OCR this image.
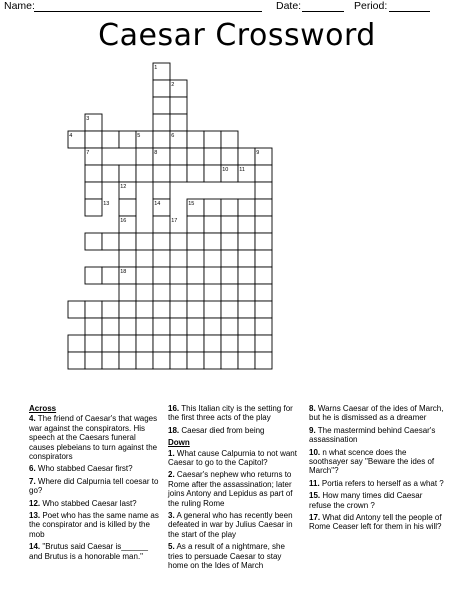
Name:	Date:	Period:
Caesar Crossword
1
2
3
4	5	6
7	8	9
10 11
12
13	14	15
16	17
18
Across
4. The friend of Caesar's that wages war against the conspirators. His speech at the Caesars funeral causes plebeians to turn against the conspirators
6. Who stabbed Caesar first?
7. Where did Calpurnia tell coesar to go?
12. Who stabbed Caesar last?
13. Poet who has the same name as the conspirator and is killed by the mob
14. "Brutus said Caesar is______ and Brutus is a honorable man."
16. This Italian city is the setting for the first three acts of the play
18. Caesar died from being
Down
1. What cause Calpurnia to not want Caesar to go to the Capitol?
2. Caesar's nephew who returns to Rome after the assassination; later joins Antony and Lepidus as part of the ruling Rome
3. A general who has recently been defeated in war by Julius Caesar in the start of the play
5. As a result of a nightmare, she tries to persuade Caesar to stay home on the Ides of March
8. Warns Caesar of the ides of March, but he is dismissed as a dreamer
9. The mastermind behind Caesar's assassination
10. n what scence does the soothsayer say "Beware the ides of March"?
11. Portia refers to herself as a what ?
15. How many times did Caesar refuse the crown ?
17. What did Antony tell the people of Rome Ceaser left for them in his will?
